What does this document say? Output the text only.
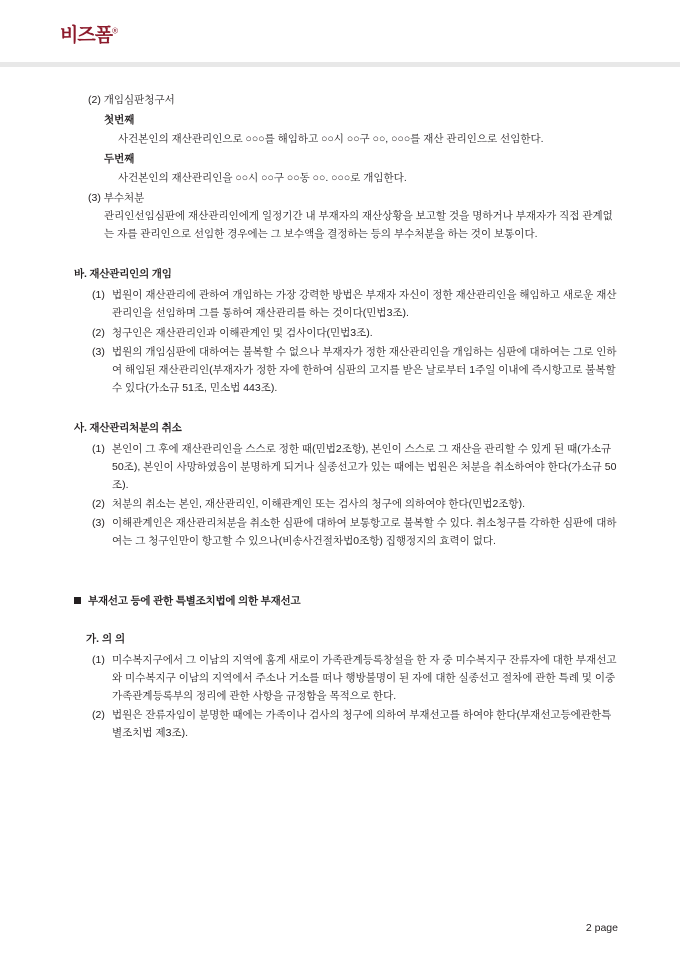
비즈폼®
(2) 개임심판청구서
첫번째
사건본인의 재산관리인으로 ○○○를 해임하고 ○○시 ○○구 ○○, ○○○를 재산 관리인으로 선임한다.
두번째
사건본인의 재산관리인을 ○○시 ○○구 ○○동 ○○. ○○○로 개임한다.
(3) 부수처분
관리인선임심판에 재산관리인에게 일정기간 내 부재자의 재산상황을 보고할 것을 명하거나 부재자가 직접 관계없는 자를 관리인으로 선임한 경우에는 그 보수액을 결정하는 등의 부수처분을 하는 것이 보통이다.
바. 재산관리인의 개임
(1) 법원이 재산관리에 관하여 개임하는 가장 강력한 방법은 부재자 자신이 정한 재산관리인을 해임하고 새로운 재산관리인을 선임하며 그를 통하여 재산관리를 하는 것이다(민법3조).
(2) 청구인은 재산관리인과 이해관계인 및 검사이다(민법3조).
(3) 법원의 개임심판에 대하여는 불복할 수 없으나 부재자가 정한 재산관리인을 개임하는 심판에 대하여는 그로 인하여 해임된 재산관리인(부재자가 정한 자에 한하여 심판의 고지를 받은 날로부터 1주일 이내에 즉시항고로 불복할 수 있다(가소규 51조, 민소법 443조).
사. 재산관리처분의 취소
(1) 본인이 그 후에 재산관리인을 스스로 정한 때(민법2조항), 본인이 스스로 그 재산을 관리할 수 있게 된 때(가소규 50조), 본인이 사망하였음이 분명하게 되거나 실종선고가 있는 때에는 법원은 처분을 취소하여야 한다(가소규 50조).
(2) 처분의 취소는 본인, 재산관리인, 이해관계인 또는 검사의 청구에 의하여야 한다(민법2조항).
(3) 이해관계인은 재산관리처분을 취소한 심판에 대하여 보통항고로 불복할 수 있다. 취소청구를 각하한 심판에 대하여는 그 청구인만이 항고할 수 있으나(비송사건절차법0조항) 집행정지의 효력이 없다.
부재선고 등에 관한 특별조치법에 의한 부재선고
가. 의 의
(1) 미수복지구에서 그 이남의 지역에 훔계 새로이 가족관계등록창설을 한 자 중 미수복지구 잔류자에 대한 부재선고와 미수복지구 이남의 지역에서 주소나 거소를 떠나 행방불명이 된 자에 대한 실종선고 절차에 관한 특례 및 이중가족관계등록부의 정리에 관한 사항을 규정함을 목적으로 한다.
(2) 법원은 잔류자임이 분명한 때에는 가족이나 검사의 청구에 의하여 부재선고를 하여야 한다(부재선고등에관한특별조치법 제3조).
2 page
